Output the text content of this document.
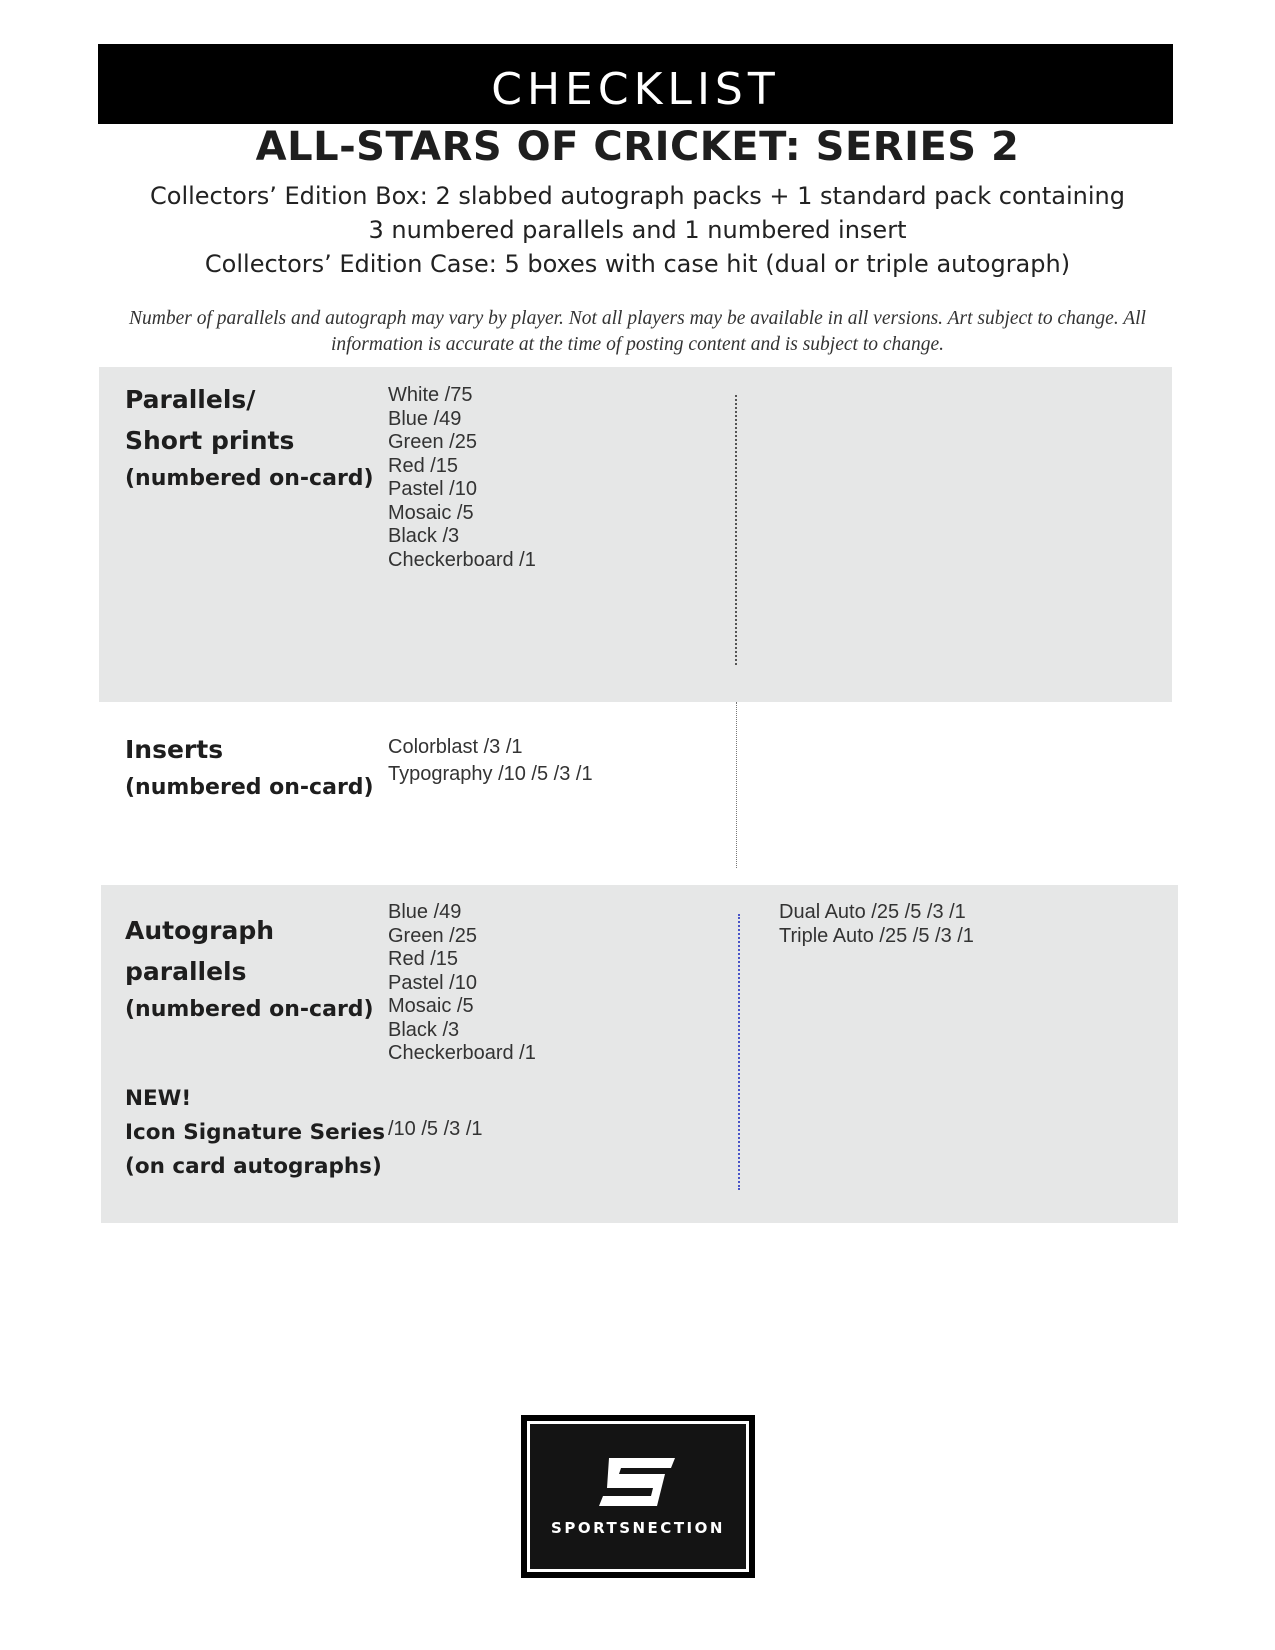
CHECKLIST
ALL-STARS OF CRICKET: SERIES 2
Collectors’ Edition Box: 2 slabbed autograph packs + 1 standard pack containing 3 numbered parallels and 1 numbered insert
Collectors’ Edition Case: 5 boxes with case hit (dual or triple autograph)
Number of parallels and autograph may vary by player. Not all players may be available in all versions. Art subject to change. All information is accurate at the time of posting content and is subject to change.
Parallels/
Short prints
(numbered on-card)
White /75
Blue /49
Green /25
Red /15
Pastel /10
Mosaic /5
Black /3
Checkerboard /1
Inserts
(numbered on-card)
Colorblast /3 /1
Typography /10 /5 /3 /1
Autograph
parallels
(numbered on-card)
Blue /49
Green /25
Red /15
Pastel /10
Mosaic /5
Black /3
Checkerboard /1
NEW!
Icon Signature Series
(on card autographs)
/10 /5 /3 /1
Dual Auto /25 /5 /3 /1
Triple Auto /25 /5 /3 /1
SPORTSNECTION
